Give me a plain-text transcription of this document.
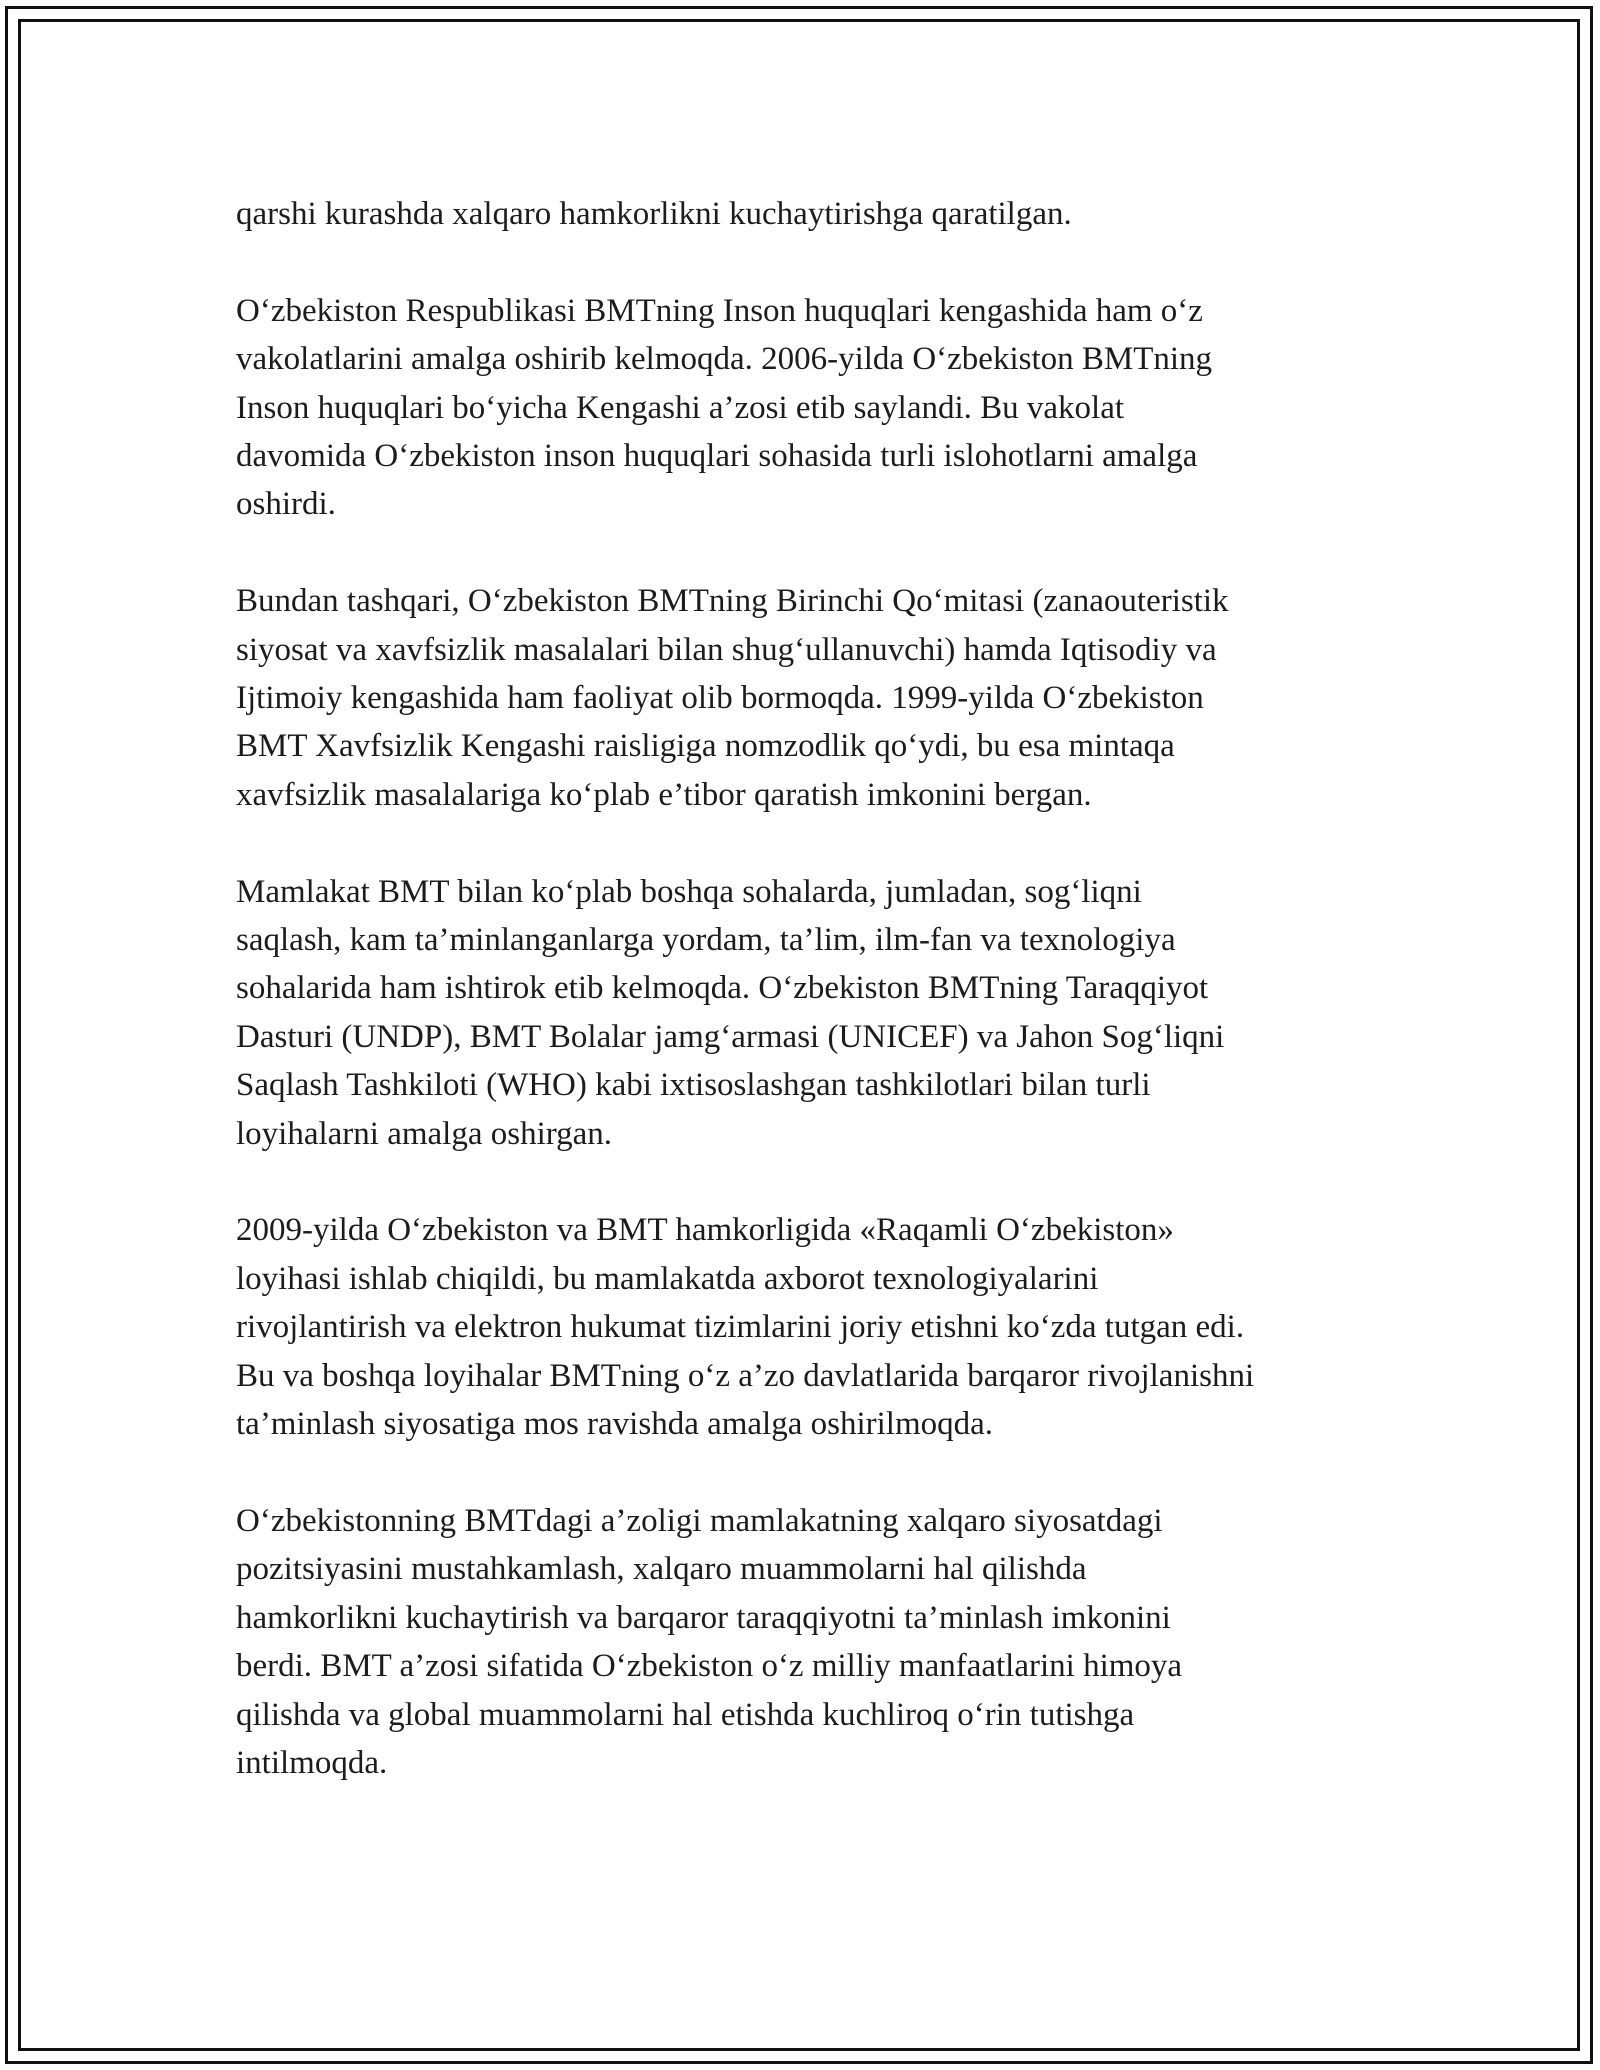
qarshi kurashda xalqaro hamkorlikni kuchaytirishga qaratilgan.

O‘zbekiston Respublikasi BMTning Inson huquqlari kengashida ham o‘z
vakolatlarini amalga oshirib kelmoqda. 2006-yilda O‘zbekiston BMTning
Inson huquqlari bo‘yicha Kengashi a’zosi etib saylandi. Bu vakolat
davomida O‘zbekiston inson huquqlari sohasida turli islohotlarni amalga
oshirdi.

Bundan tashqari, O‘zbekiston BMTning Birinchi Qo‘mitasi (zanaouteristik
siyosat va xavfsizlik masalalari bilan shug‘ullanuvchi) hamda Iqtisodiy va
Ijtimoiy kengashida ham faoliyat olib bormoqda. 1999-yilda O‘zbekiston
BMT Xavfsizlik Kengashi raisligiga nomzodlik qo‘ydi, bu esa mintaqa
xavfsizlik masalalariga ko‘plab e’tibor qaratish imkonini bergan.

Mamlakat BMT bilan ko‘plab boshqa sohalarda, jumladan, sog‘liqni
saqlash, kam ta’minlanganlarga yordam, ta’lim, ilm-fan va texnologiya
sohalarida ham ishtirok etib kelmoqda. O‘zbekiston BMTning Taraqqiyot
Dasturi (UNDP), BMT Bolalar jamg‘armasi (UNICEF) va Jahon Sog‘liqni
Saqlash Tashkiloti (WHO) kabi ixtisoslashgan tashkilotlari bilan turli
loyihalarni amalga oshirgan.

2009-yilda O‘zbekiston va BMT hamkorligida «Raqamli O‘zbekiston»
loyihasi ishlab chiqildi, bu mamlakatda axborot texnologiyalarini
rivojlantirish va elektron hukumat tizimlarini joriy etishni ko‘zda tutgan edi.
Bu va boshqa loyihalar BMTning o‘z a’zo davlatlarida barqaror rivojlanishni
ta’minlash siyosatiga mos ravishda amalga oshirilmoqda.

O‘zbekistonning BMTdagi a’zoligi mamlakatning xalqaro siyosatdagi
pozitsiyasini mustahkamlash, xalqaro muammolarni hal qilishda
hamkorlikni kuchaytirish va barqaror taraqqiyotni ta’minlash imkonini
berdi. BMT a’zosi sifatida O‘zbekiston o‘z milliy manfaatlarini himoya
qilishda va global muammolarni hal etishda kuchliroq o‘rin tutishga
intilmoqda.
